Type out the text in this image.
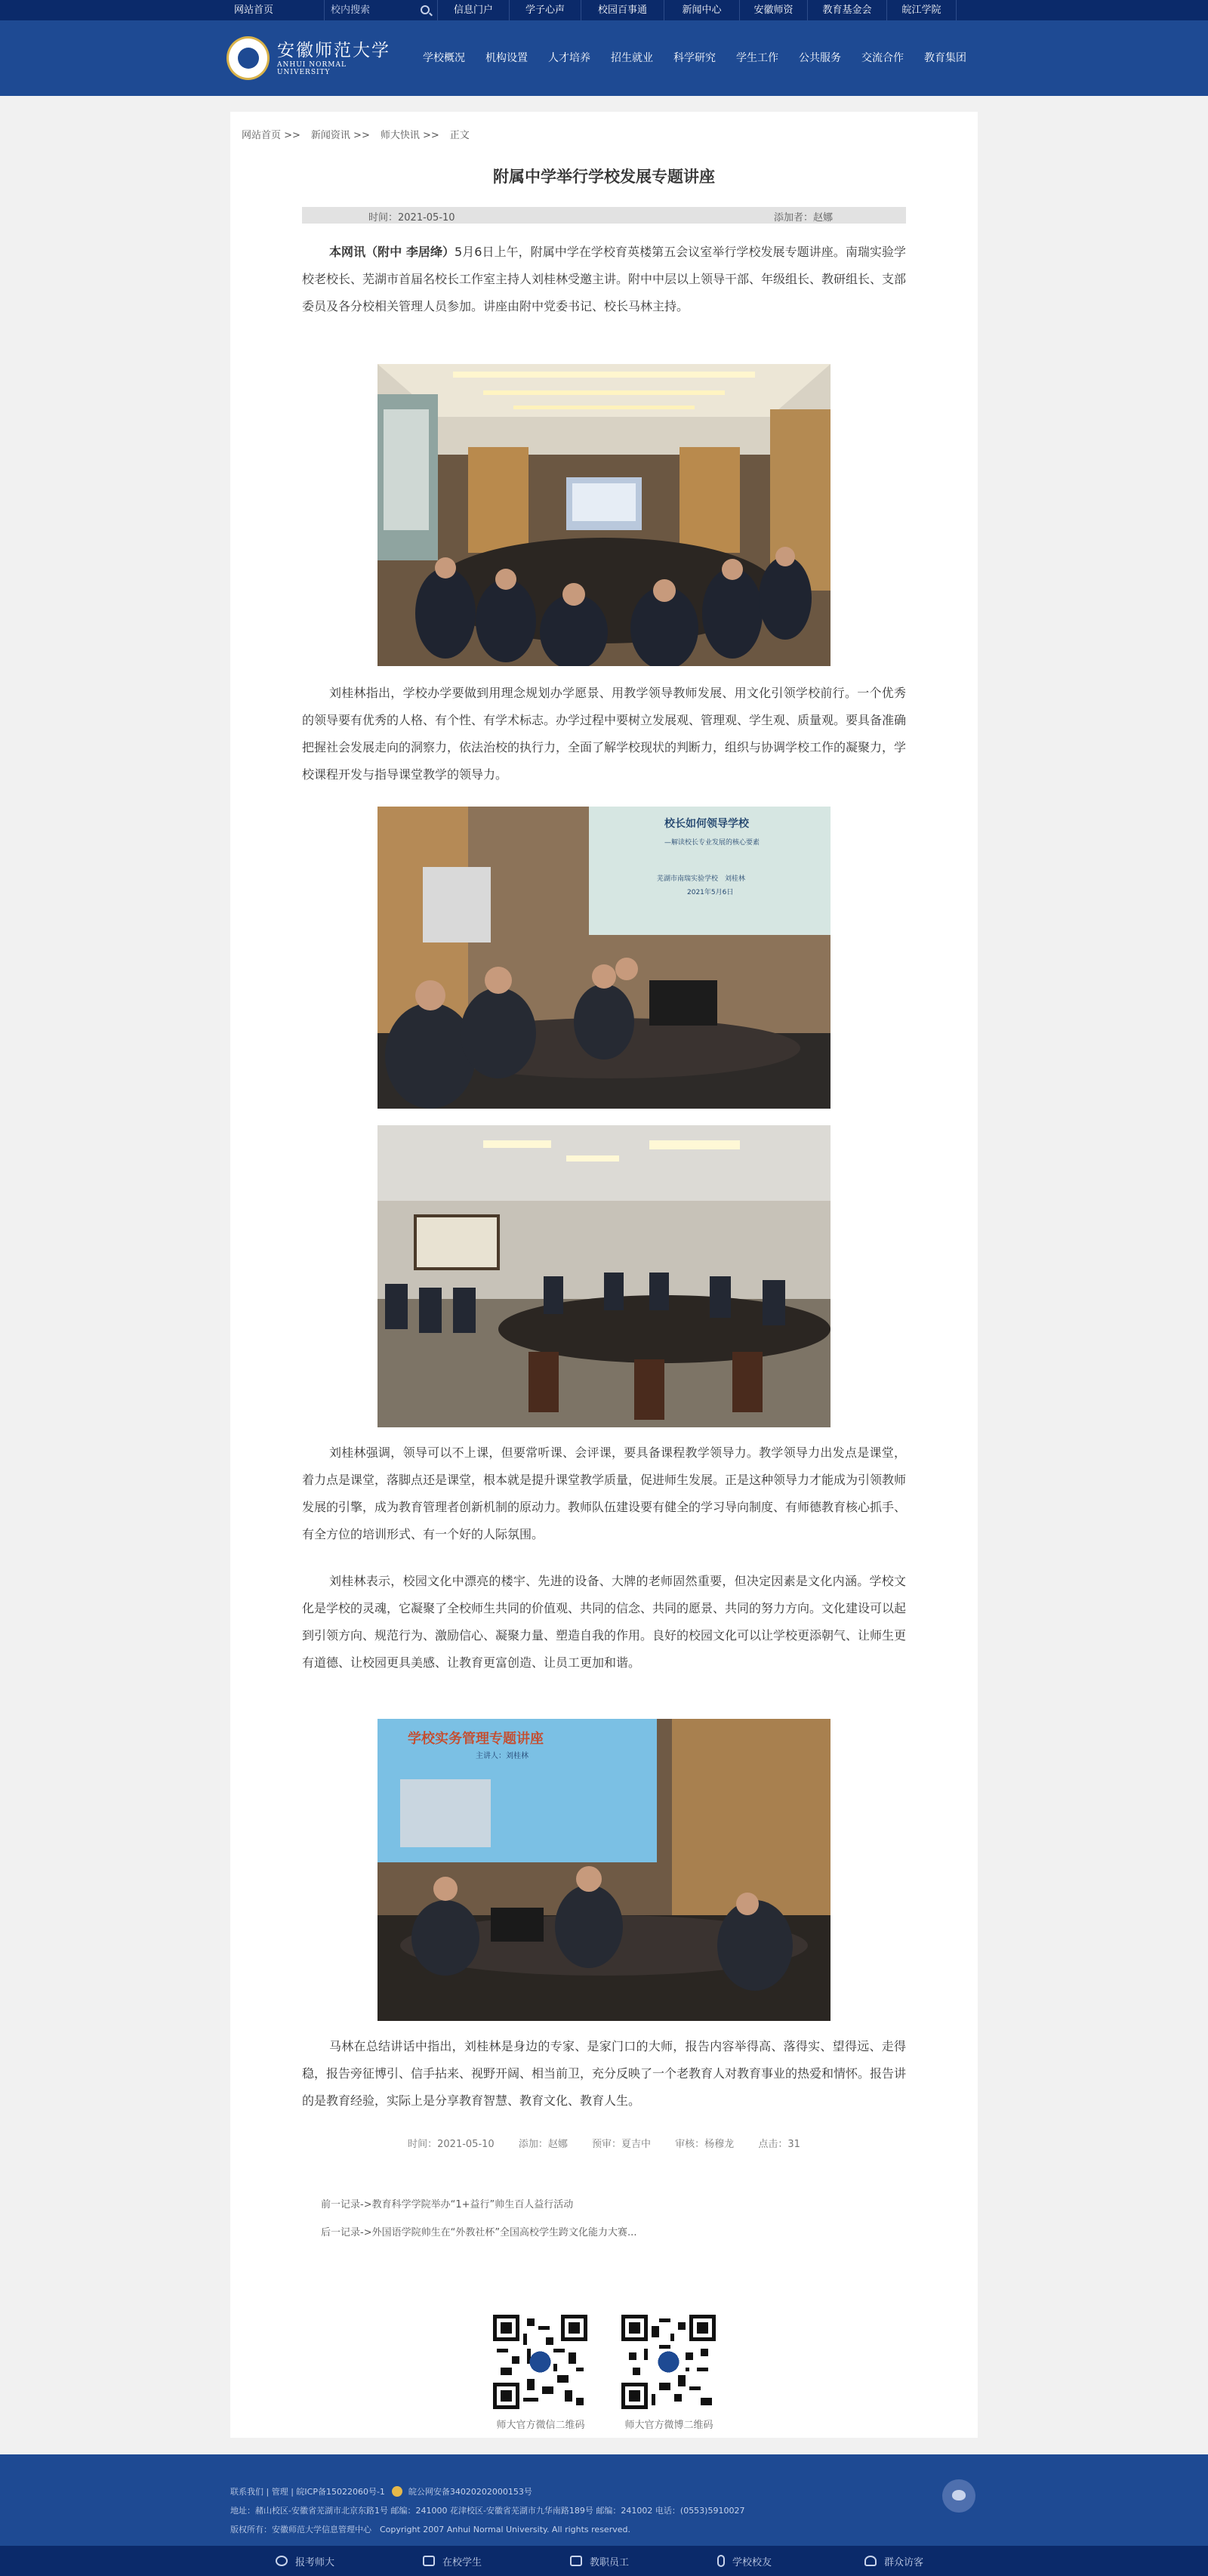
网站首页	校内搜索	信息门户	学子心声	校园百事通	新闻中心	安徽师资	教育基金会	皖江学院
安徽师范大学
ANHUI NORMAL UNIVERSITY
学校概况 机构设置 人才培养 招生就业 科学研究 学生工作 公共服务 交流合作 教育集团
网站首页 >> 新闻资讯 >> 师大快讯 >> 正文
附属中学举行学校发展专题讲座
时间：2021-05-10	添加者：赵娜
本网讯（附中 李居绛）5月6日上午，附属中学在学校育英楼第五会议室举行学校发展专题讲座。南瑞实验学校老校长、芜湖市首届名校长工作室主持人刘桂林受邀主讲。附中中层以上领导干部、年级组长、教研组长、支部委员及各分校相关管理人员参加。讲座由附中党委书记、校长马林主持。
刘桂林指出，学校办学要做到用理念规划办学愿景、用教学领导教师发展、用文化引领学校前行。一个优秀的领导要有优秀的人格、有个性、有学术标志。办学过程中要树立发展观、管理观、学生观、质量观。要具备准确把握社会发展走向的洞察力，依法治校的执行力，全面了解学校现状的判断力，组织与协调学校工作的凝聚力，学校课程开发与指导课堂教学的领导力。
校长如何领导学校
—解读校长专业发展的核心要素
芜湖市南瑞实验学校　刘桂林
2021年5月6日
刘桂林强调，领导可以不上课，但要常听课、会评课，要具备课程教学领导力。教学领导力出发点是课堂，着力点是课堂，落脚点还是课堂，根本就是提升课堂教学质量，促进师生发展。正是这种领导力才能成为引领教师发展的引擎，成为教育管理者创新机制的原动力。教师队伍建设要有健全的学习导向制度、有师德教育核心抓手、有全方位的培训形式、有一个好的人际氛围。
刘桂林表示，校园文化中漂亮的楼宇、先进的设备、大牌的老师固然重要，但决定因素是文化内涵。学校文化是学校的灵魂，它凝聚了全校师生共同的价值观、共同的信念、共同的愿景、共同的努力方向。文化建设可以起到引领方向、规范行为、激励信心、凝聚力量、塑造自我的作用。良好的校园文化可以让学校更添朝气、让师生更有道德、让校园更具美感、让教育更富创造、让员工更加和谐。
学校实务管理专题讲座
主讲人：刘桂林
马林在总结讲话中指出，刘桂林是身边的专家、是家门口的大师，报告内容举得高、落得实、望得远、走得稳，报告旁征博引、信手拈来、视野开阔、相当前卫，充分反映了一个老教育人对教育事业的热爱和情怀。报告讲的是教育经验，实际上是分享教育智慧、教育文化、教育人生。
时间：2021-05-10 添加：赵娜 预审：夏吉中 审核：杨穆龙 点击：31
前一记录->教育科学学院举办“1+益行”帅生百人益行活动
后一记录->外国语学院帅生在“外教社杯”全国高校学生跨文化能力大赛...
师大官方微信二维码	师大官方微博二维码
联系我们 | 管理 | 皖ICP备15022060号-1	皖公网安备34020202000153号
地址：赭山校区-安徽省芜湖市北京东路1号 邮编：241000 花津校区-安徽省芜湖市九华南路189号 邮编：241002 电话：(0553)5910027
版权所有：安徽师范大学信息管理中心　Copyright 2007 Anhui Normal University. All rights reserved.
报考师大	在校学生	教职员工	学校校友	群众访客
